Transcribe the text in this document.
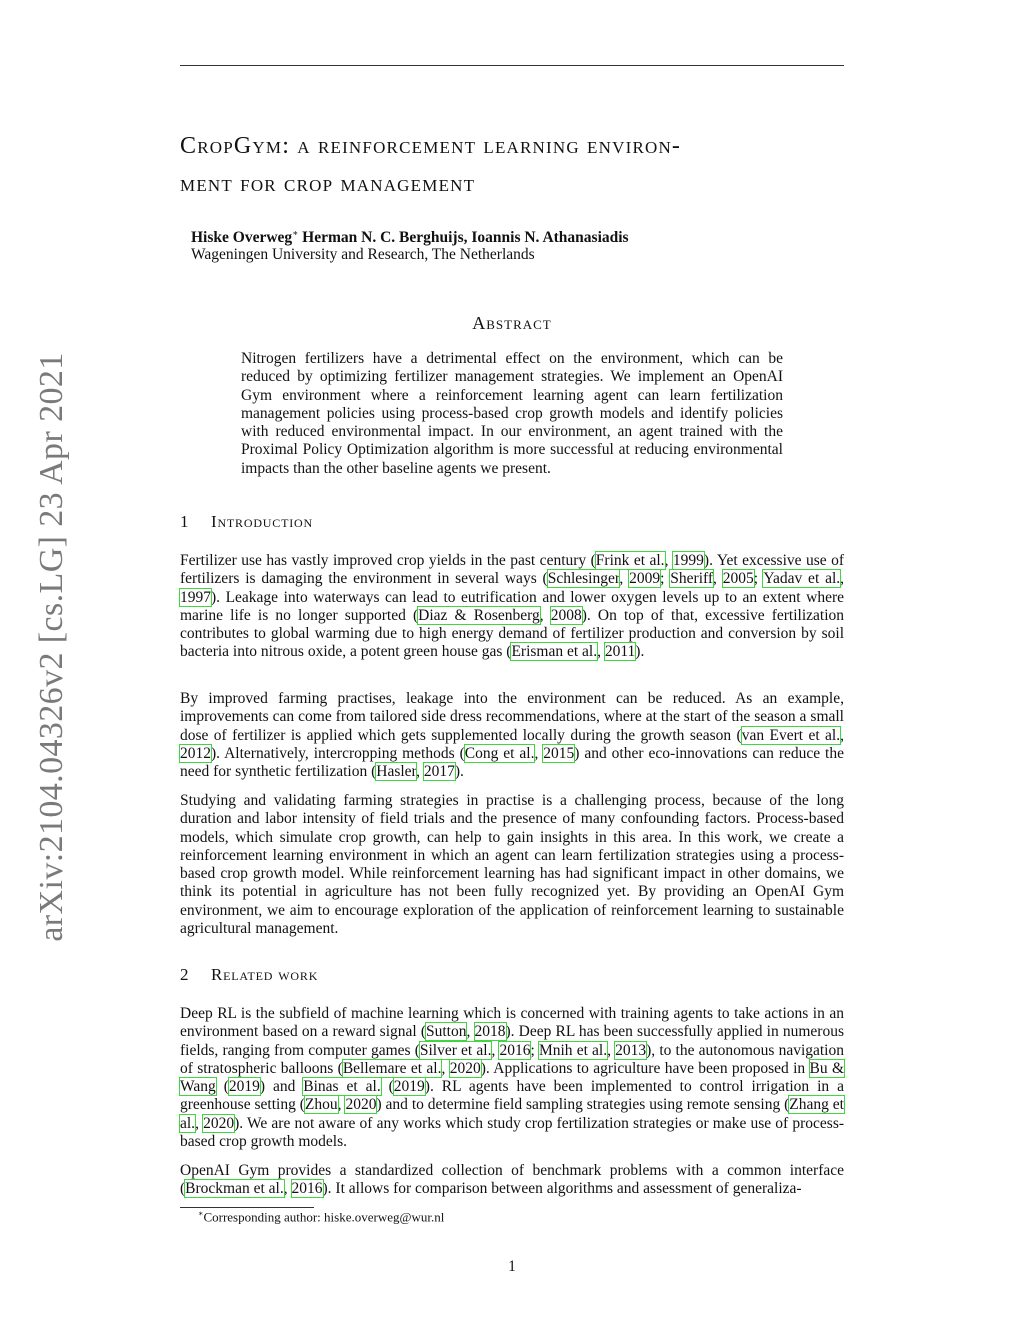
arXiv:2104.04326v2 [cs.LG] 23 Apr 2021
CropGym: a reinforcement learning environ-
ment for crop management
Hiske Overweg∗ Herman N. C. Berghuijs, Ioannis N. Athanasiadis
Wageningen University and Research, The Netherlands
Abstract
Nitrogen fertilizers have a detrimental effect on the environment, which can be reduced by optimizing fertilizer management strategies. We implement an OpenAI Gym environment where a reinforcement learning agent can learn fertilization management policies using process-based crop growth models and identify policies with reduced environmental impact. In our environment, an agent trained with the Proximal Policy Optimization algorithm is more successful at reducing environmental impacts than the other baseline agents we present.
1 Introduction

Fertilizer use has vastly improved crop yields in the past century (Frink et al., 1999). Yet excessive use of fertilizers is damaging the environment in several ways (Schlesinger, 2009; Sheriff, 2005; Yadav et al., 1997). Leakage into waterways can lead to eutrification and lower oxygen levels up to an extent where marine life is no longer supported (Diaz & Rosenberg, 2008). On top of that, excessive fertilization contributes to global warming due to high energy demand of fertilizer production and conversion by soil bacteria into nitrous oxide, a potent green house gas (Erisman et al., 2011).

By improved farming practises, leakage into the environment can be reduced. As an example, improvements can come from tailored side dress recommendations, where at the start of the season a small dose of fertilizer is applied which gets supplemented locally during the growth season (van Evert et al., 2012). Alternatively, intercropping methods (Cong et al., 2015) and other eco-innovations can reduce the need for synthetic fertilization (Hasler, 2017).

Studying and validating farming strategies in practise is a challenging process, because of the long duration and labor intensity of field trials and the presence of many confounding factors. Process-based models, which simulate crop growth, can help to gain insights in this area. In this work, we create a reinforcement learning environment in which an agent can learn fertilization strategies using a process-based crop growth model. While reinforcement learning has had significant impact in other domains, we think its potential in agriculture has not been fully recognized yet. By providing an OpenAI Gym environment, we aim to encourage exploration of the application of reinforcement learning to sustainable agricultural management.

2 Related work

Deep RL is the subfield of machine learning which is concerned with training agents to take actions in an environment based on a reward signal (Sutton, 2018). Deep RL has been successfully applied in numerous fields, ranging from computer games (Silver et al., 2016; Mnih et al., 2013), to the autonomous navigation of stratospheric balloons (Bellemare et al., 2020). Applications to agriculture have been proposed in Bu & Wang (2019) and Binas et al. (2019). RL agents have been implemented to control irrigation in a greenhouse setting (Zhou, 2020) and to determine field sampling strategies using remote sensing (Zhang et al., 2020). We are not aware of any works which study crop fertilization strategies or make use of process-based crop growth models.

OpenAI Gym provides a standardized collection of benchmark problems with a common interface (Brockman et al., 2016). It allows for comparison between algorithms and assessment of generaliza-

∗Corresponding author: hiske.overweg@wur.nl
1
